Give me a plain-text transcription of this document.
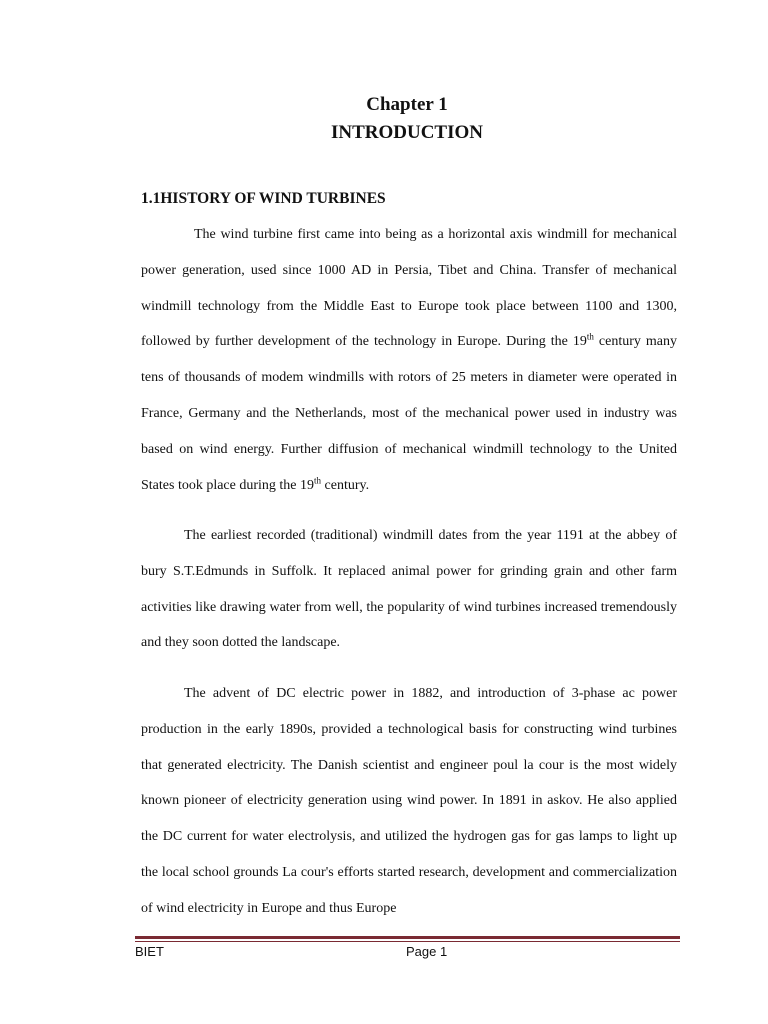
Chapter 1
INTRODUCTION
1.1HISTORY OF WIND TURBINES

The wind turbine first came into being as a horizontal axis windmill for mechanical power generation, used since 1000 AD in Persia, Tibet and China. Transfer of mechanical windmill technology from the Middle East to Europe took place between 1100 and 1300, followed by further development of the technology in Europe. During the 19th century many tens of thousands of modem windmills with rotors of 25 meters in diameter were operated in France, Germany and the Netherlands, most of the mechanical power used in industry was based on wind energy. Further diffusion of mechanical windmill technology to the United States took place during the 19th century.

The earliest recorded (traditional) windmill dates from the year 1191 at the abbey of bury S.T.Edmunds in Suffolk. It replaced animal power for grinding grain and other farm activities like drawing water from well, the popularity of wind turbines increased tremendously and they soon dotted the landscape.

The advent of DC electric power in 1882, and introduction of 3-phase ac power production in the early 1890s, provided a technological basis for constructing wind turbines that generated electricity. The Danish scientist and engineer poul la cour is the most widely known pioneer of electricity generation using wind power. In 1891 in askov. He also applied the DC current for water electrolysis, and utilized the hydrogen gas for gas lamps to light up the local school grounds La cour's efforts started research, development and commercialization of wind electricity in Europe and thus Europe

BIET	Page 1
